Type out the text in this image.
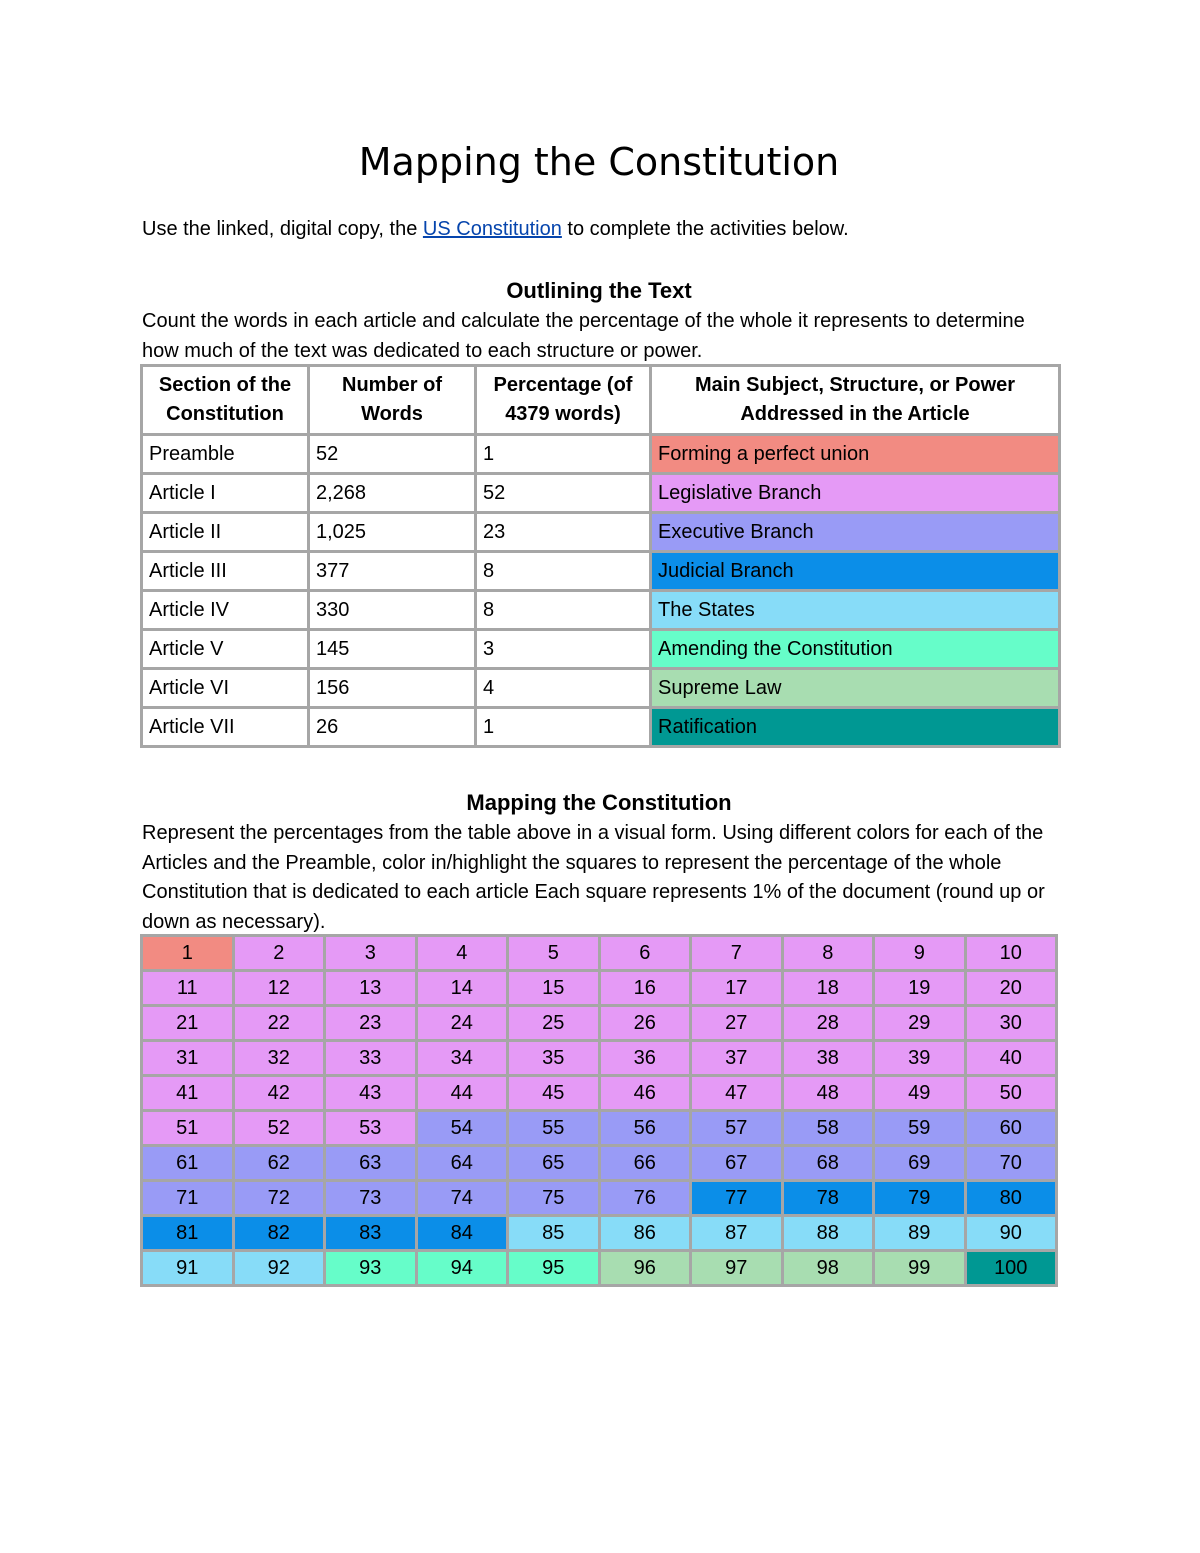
Mapping the Constitution

Use the linked, digital copy, the US Constitution to complete the activities below.

Outlining the Text

Count the words in each article and calculate the percentage of the whole it represents to determine how much of the text was dedicated to each structure or power.

Section of the Constitution	Number of Words	Percentage (of 4379 words)	Main Subject, Structure, or Power Addressed in the Article
Preamble	52	1	Forming a perfect union
Article I	2,268	52	Legislative Branch
Article II	1,025	23	Executive Branch
Article III	377	8	Judicial Branch
Article IV	330	8	The States
Article V	145	3	Amending the Constitution
Article VI	156	4	Supreme Law
Article VII	26	1	Ratification
Mapping the Constitution

Represent the percentages from the table above in a visual form. Using different colors for each of the Articles and the Preamble, color in/highlight the squares to represent the percentage of the whole Constitution that is dedicated to each article Each square represents 1% of the document (round up or down as necessary).

1	2	3	4	5	6	7	8	9	10
11	12	13	14	15	16	17	18	19	20
21	22	23	24	25	26	27	28	29	30
31	32	33	34	35	36	37	38	39	40
41	42	43	44	45	46	47	48	49	50
51	52	53	54	55	56	57	58	59	60
61	62	63	64	65	66	67	68	69	70
71	72	73	74	75	76	77	78	79	80
81	82	83	84	85	86	87	88	89	90
91	92	93	94	95	96	97	98	99	100
